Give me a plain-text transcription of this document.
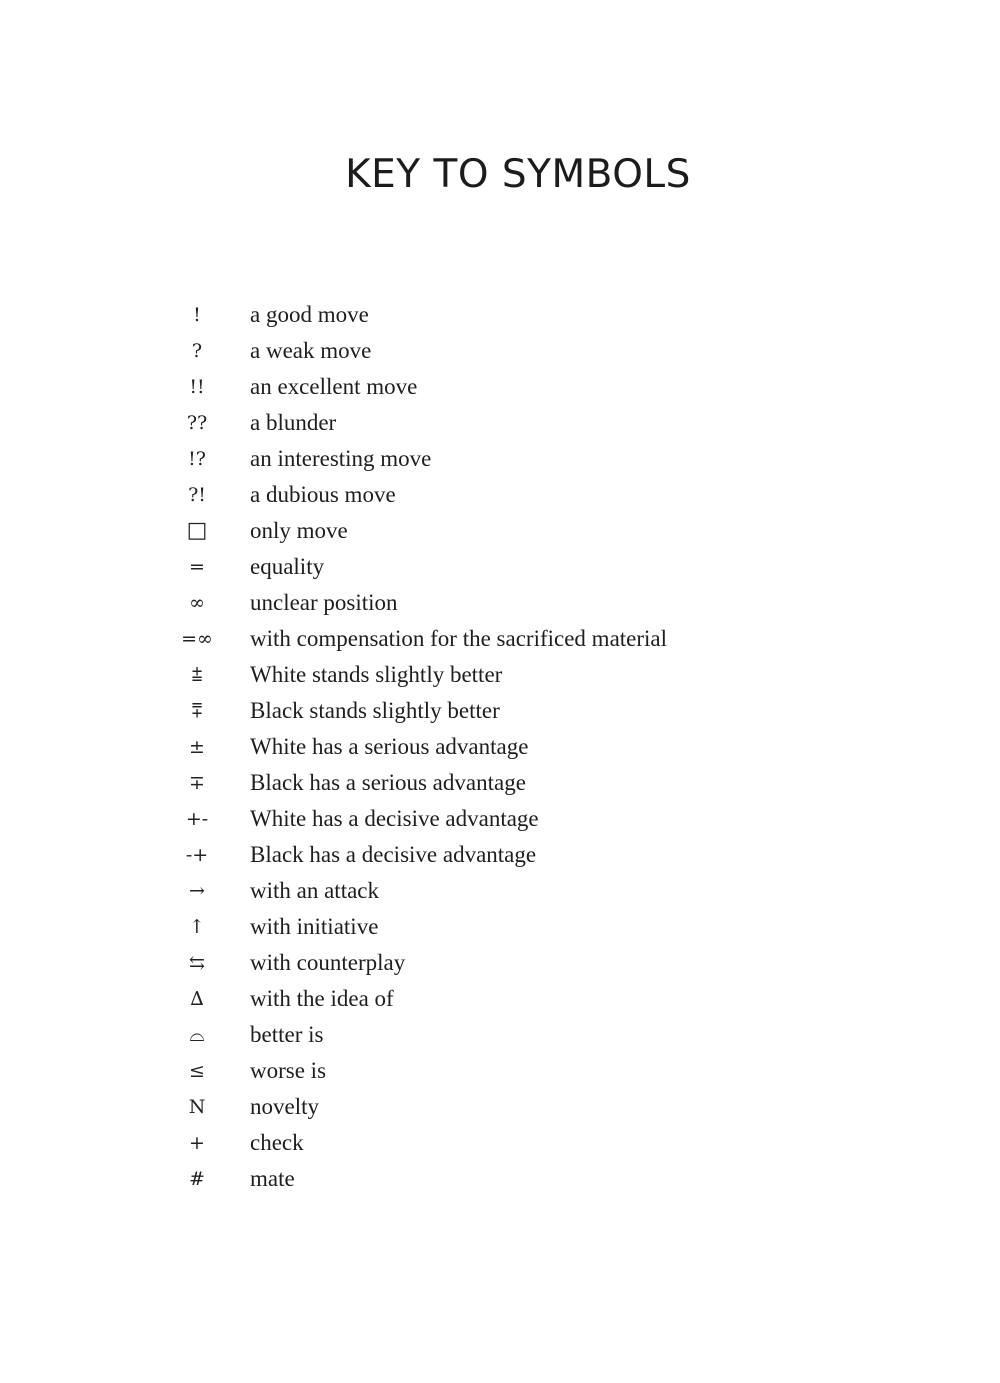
KEY TO SYMBOLS
!	a good move
?	a weak move
!!	an excellent move
??	a blunder
!?	an interesting move
?!	a dubious move
□	only move
=	equality
∞	unclear position
=∞	with compensation for the sacrificed material
⩲	White stands slightly better
⩱	Black stands slightly better
±	White has a serious advantage
∓	Black has a serious advantage
+-	White has a decisive advantage
-+	Black has a decisive advantage
→	with an attack
↑	with initiative
⇆	with counterplay
∆	with the idea of
⌓	better is
≤	worse is
N	novelty
+	check
#	mate
